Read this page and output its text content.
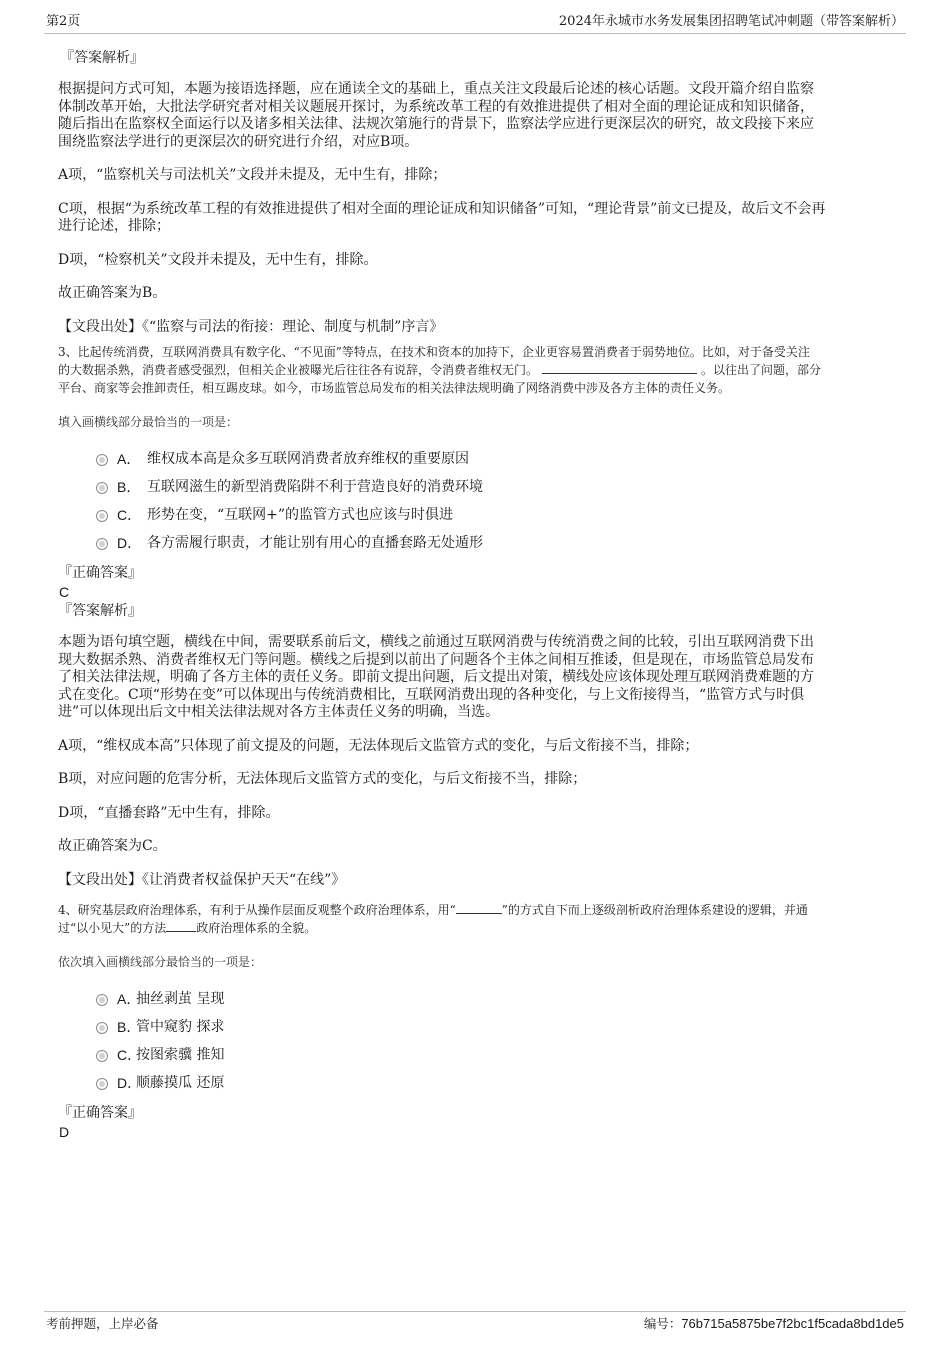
第2页	2024年永城市水务发展集团招聘笔试冲刺题（带答案解析）

『答案解析』

根据提问方式可知，本题为接语选择题，应在通读全文的基础上，重点关注文段最后论述的核心话题。文段开篇介绍自监察

体制改革开始，大批法学研究者对相关议题展开探讨，为系统改革工程的有效推进提供了相对全面的理论证成和知识储备，

随后指出在监察权全面运行以及诸多相关法律、法规次第施行的背景下，监察法学应进行更深层次的研究，故文段接下来应

围绕监察法学进行的更深层次的研究进行介绍，对应B项。

A项，“监察机关与司法机关”文段并未提及，无中生有，排除；

C项，根据“为系统改革工程的有效推进提供了相对全面的理论证成和知识储备”可知，“理论背景”前文已提及，故后文不会再

进行论述，排除；

D项，“检察机关”文段并未提及，无中生有，排除。

故正确答案为B。

【文段出处】《“监察与司法的衔接：理论、制度与机制”序言》

3、比起传统消费，互联网消费具有数字化、“不见面”等特点，在技术和资本的加持下，企业更容易置消费者于弱势地位。比如，对于备受关注

的大数据杀熟，消费者感受强烈，但相关企业被曝光后往往各有说辞，令消费者维权无门。	。以往出了问题，部分

平台、商家等会推卸责任，相互踢皮球。如今，市场监管总局发布的相关法律法规明确了网络消费中涉及各方主体的责任义务。

填入画横线部分最恰当的一项是：

A． 维权成本高是众多互联网消费者放弃维权的重要原因
B． 互联网滋生的新型消费陷阱不利于营造良好的消费环境
C． 形势在变，“互联网+”的监管方式也应该与时俱进
D． 各方需履行职责，才能让别有用心的直播套路无处遁形

『正确答案』

C

『答案解析』

本题为语句填空题，横线在中间，需要联系前后文，横线之前通过互联网消费与传统消费之间的比较，引出互联网消费下出

现大数据杀熟、消费者维权无门等问题。横线之后提到以前出了问题各个主体之间相互推诿，但是现在，市场监管总局发布

了相关法律法规，明确了各方主体的责任义务。即前文提出问题，后文提出对策，横线处应该体现处理互联网消费难题的方

式在变化。C项“形势在变”可以体现出与传统消费相比，互联网消费出现的各种变化，与上文衔接得当，“监管方式与时俱

进”可以体现出后文中相关法律法规对各方主体责任义务的明确，当选。

A项，“维权成本高”只体现了前文提及的问题，无法体现后文监管方式的变化，与后文衔接不当，排除；

B项，对应问题的危害分析，无法体现后文监管方式的变化，与后文衔接不当，排除；

D项，“直播套路”无中生有，排除。

故正确答案为C。

【文段出处】《让消费者权益保护天天“在线”》

4、研究基层政府治理体系，有利于从操作层面反观整个政府治理体系，用“	”的方式自下而上逐级剖析政府治理体系建设的逻辑，并通

过“以小见大”的方法	政府治理体系的全貌。

依次填入画横线部分最恰当的一项是：

A．
抽丝剥茧 呈现
B．
管中窥豹 探求
C．
按图索骥 推知
D．
顺藤摸瓜 还原

『正确答案』

D

考前押题，上岸必备	编号：76b715a5875be7f2bc1f5cada8bd1de5
